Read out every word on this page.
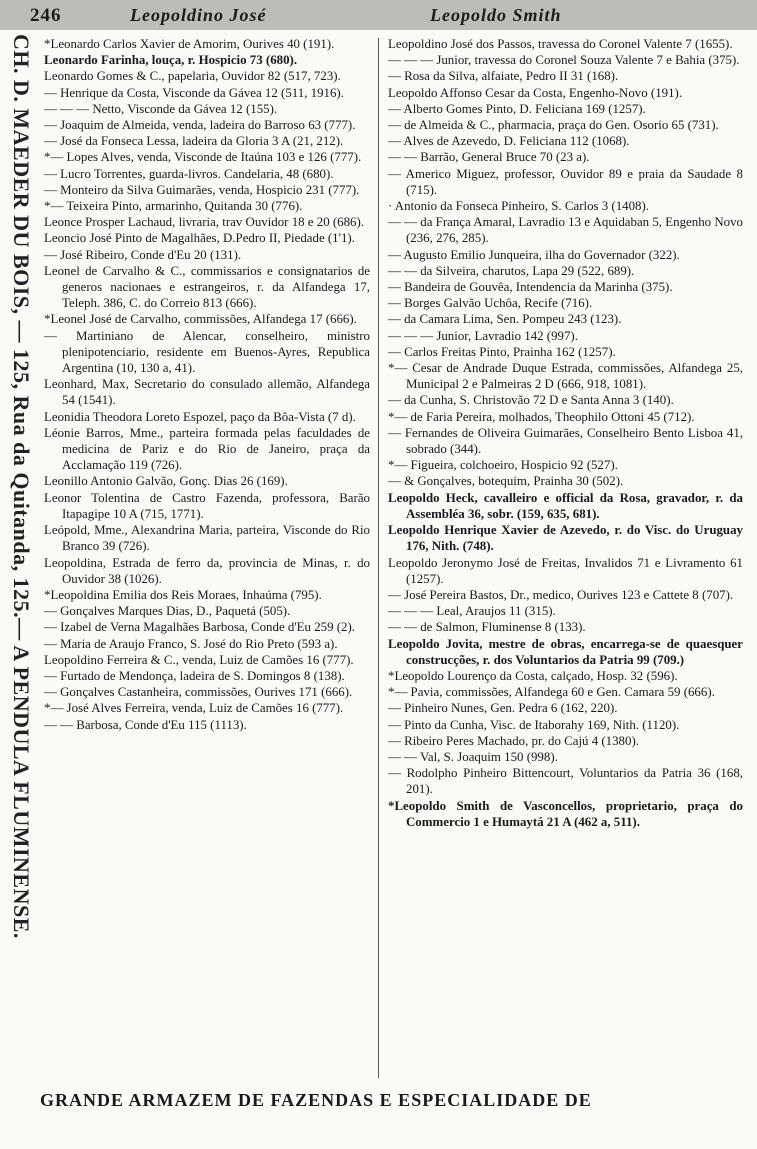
246	Leopoldino José	Leopoldo Smith
CH. D. MAEDER DU BOIS, — 125, Rua da Quitanda, 125.— A PENDULA FLUMINENSE. *Leonardo Carlos Xavier de Amorim, Ourives 40 (191).

Leonardo Farinha, louça, r. Hospicio 73 (680).

Leonardo Gomes & C., papelaria, Ouvidor 82 (517, 723).

— Henrique da Costa, Visconde da Gávea 12 (511, 1916).

— — — Netto, Visconde da Gávea 12 (155).

— Joaquim de Almeida, venda, ladeira do Barroso 63 (777).

— José da Fonseca Lessa, ladeira da Gloria 3 A (21, 212).

*— Lopes Alves, venda, Visconde de Itaúna 103 e 126 (777).

— Lucro Torrentes, guarda-livros. Candelaria, 48 (680).

— Monteiro da Silva Guimarães, venda, Hospicio 231 (777).

*— Teixeira Pinto, armarinho, Quitanda 30 (776).

Leonce Prosper Lachaud, livraria, trav Ouvidor 18 e 20 (686).

Leoncio José Pinto de Magalhães, D.Pedro II, Piedade (1'1).

— José Ribeiro, Conde d'Eu 20 (131).

Leonel de Carvalho & C., commissarios e consignatarios de generos nacionaes e estrangeiros, r. da Alfandega 17, Teleph. 386, C. do Correio 813 (666).

*Leonel José de Carvalho, commissões, Alfandega 17 (666).

— Martiniano de Alencar, conselheiro, ministro plenipotenciario, residente em Buenos-Ayres, Republica Argentina (10, 130 a, 41).

Leonhard, Max, Secretario do consulado allemão, Alfandega 54 (1541).

Leonidia Theodora Loreto Espozel, paço da Bôa-Vista (7 d).

Léonie Barros, Mme., parteira formada pelas faculdades de medicina de Pariz e do Rio de Janeiro, praça da Acclamação 119 (726).

Leonillo Antonio Galvão, Gonç. Dias 26 (169).

Leonor Tolentina de Castro Fazenda, professora, Barão Itapagipe 10 A (715, 1771).

Leópold, Mme., Alexandrina Maria, parteira, Visconde do Rio Branco 39 (726).

Leopoldina, Estrada de ferro da, provincia de Minas, r. do Ouvidor 38 (1026).

*Leopoldina Emilia dos Reis Moraes, Inhaúma (795).

— Gonçalves Marques Dias, D., Paquetá (505).

— Izabel de Verna Magalhães Barbosa, Conde d'Eu 259 (2).

— Maria de Araujo Franco, S. José do Rio Preto (593 a).

Leopoldino Ferreira & C., venda, Luiz de Camões 16 (777).

— Furtado de Mendonça, ladeira de S. Domingos 8 (138).

— Gonçalves Castanheira, commissões, Ourives 171 (666).

*— José Alves Ferreira, venda, Luiz de Camões 16 (777).

— — Barbosa, Conde d'Eu 115 (1113).

Leopoldino José dos Passos, travessa do Coronel Valente 7 (1655).

— — — Junior, travessa do Coronel Souza Valente 7 e Bahia (375).

— Rosa da Silva, alfaiate, Pedro II 31 (168).

Leopoldo Affonso Cesar da Costa, Engenho-Novo (191).

— Alberto Gomes Pinto, D. Feliciana 169 (1257).

— de Almeida & C., pharmacia, praça do Gen. Osorio 65 (731).

— Alves de Azevedo, D. Feliciana 112 (1068).

— — Barrão, General Bruce 70 (23 a).

— Americo Miguez, professor, Ouvidor 89 e praia da Saudade 8 (715).

· Antonio da Fonseca Pinheiro, S. Carlos 3 (1408).

— — da França Amaral, Lavradio 13 e Aquidaban 5, Engenho Novo (236, 276, 285).

— Augusto Emilio Junqueira, ilha do Governador (322).

— — da Silveira, charutos, Lapa 29 (522, 689).

— Bandeira de Gouvêa, Intendencia da Marinha (375).

— Borges Galvão Uchôa, Recife (716).

— da Camara Lima, Sen. Pompeu 243 (123).

— — — Junior, Lavradio 142 (997).

— Carlos Freitas Pinto, Prainha 162 (1257).

*— Cesar de Andrade Duque Estrada, commissões, Alfandega 25, Municipal 2 e Palmeiras 2 D (666, 918, 1081).

— da Cunha, S. Christovão 72 D e Santa Anna 3 (140).

*— de Faria Pereira, molhados, Theophilo Ottoni 45 (712).

— Fernandes de Oliveira Guimarães, Conselheiro Bento Lisboa 41, sobrado (344).

*— Figueira, colchoeiro, Hospicio 92 (527).

— & Gonçalves, botequim, Prainha 30 (502).

Leopoldo Heck, cavalleiro e official da Rosa, gravador, r. da Assembléa 36, sobr. (159, 635, 681).

Leopoldo Henrique Xavier de Azevedo, r. do Visc. do Uruguay 176, Nith. (748).

Leopoldo Jeronymo José de Freitas, Invalidos 71 e Livramento 61 (1257).

— José Pereira Bastos, Dr., medico, Ourives 123 e Cattete 8 (707).

— — — Leal, Araujos 11 (315).

— — de Salmon, Fluminense 8 (133).

Leopoldo Jovita, mestre de obras, encarrega-se de quaesquer construcções, r. dos Voluntarios da Patria 99 (709.)

*Leopoldo Lourenço da Costa, calçado, Hosp. 32 (596).

*— Pavia, commissões, Alfandega 60 e Gen. Camara 59 (666).

— Pinheiro Nunes, Gen. Pedra 6 (162, 220).

— Pinto da Cunha, Visc. de Itaborahy 169, Nith. (1120).

— Ribeiro Peres Machado, pr. do Cajú 4 (1380).

— — Val, S. Joaquim 150 (998).

— Rodolpho Pinheiro Bittencourt, Voluntarios da Patria 36 (168, 201).

*Leopoldo Smith de Vasconcellos, proprietario, praça do Commercio 1 e Humaytá 21 A (462 a, 511).

GRANDE ARMAZEM DE FAZENDAS E ESPECIALIDADE DE
